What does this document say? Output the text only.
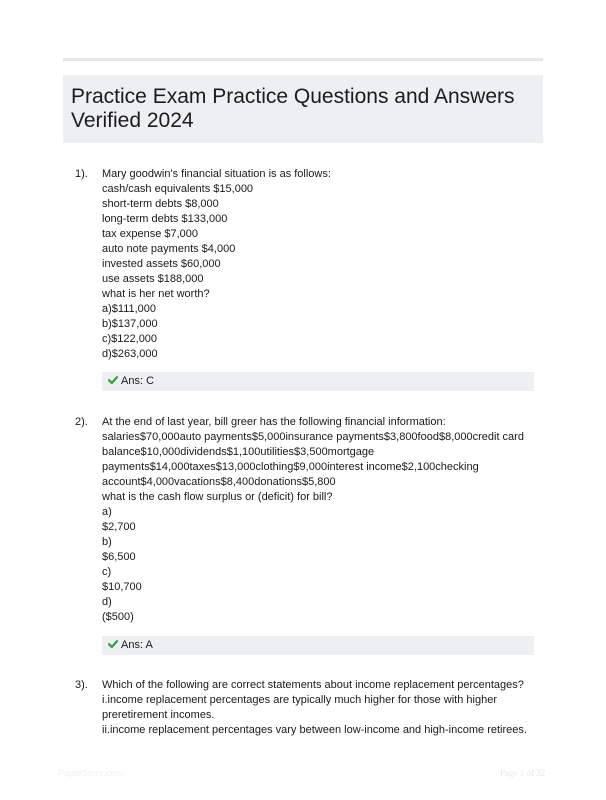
Practice Exam Practice Questions and Answers Verified 2024
1). Mary goodwin's financial situation is as follows:

cash/cash equivalents $15,000

short-term debts $8,000

long-term debts $133,000

tax expense $7,000

auto note payments $4,000

invested assets $60,000

use assets $188,000

what is her net worth?

a)$111,000

b)$137,000

c)$122,000

d)$263,000

Ans: C
2). At the end of last year, bill greer has the following financial information:

salaries$70,000auto payments$5,000insurance payments$3,800food$8,000credit card

balance$10,000dividends$1,100utilities$3,500mortgage

payments$14,000taxes$13,000clothing$9,000interest income$2,100checking

account$4,000vacations$8,400donations$5,800

what is the cash flow surplus or (deficit) for bill?

a)

$2,700

b)

$6,500

c)

$10,700

d)

($500)

Ans: A
3). Which of the following are correct statements about income replacement percentages?

i.income replacement percentages are typically much higher for those with higher

preretirement incomes.

ii.income replacement percentages vary between low-income and high-income retirees.

PaperStore.com	Page 1 of 32
